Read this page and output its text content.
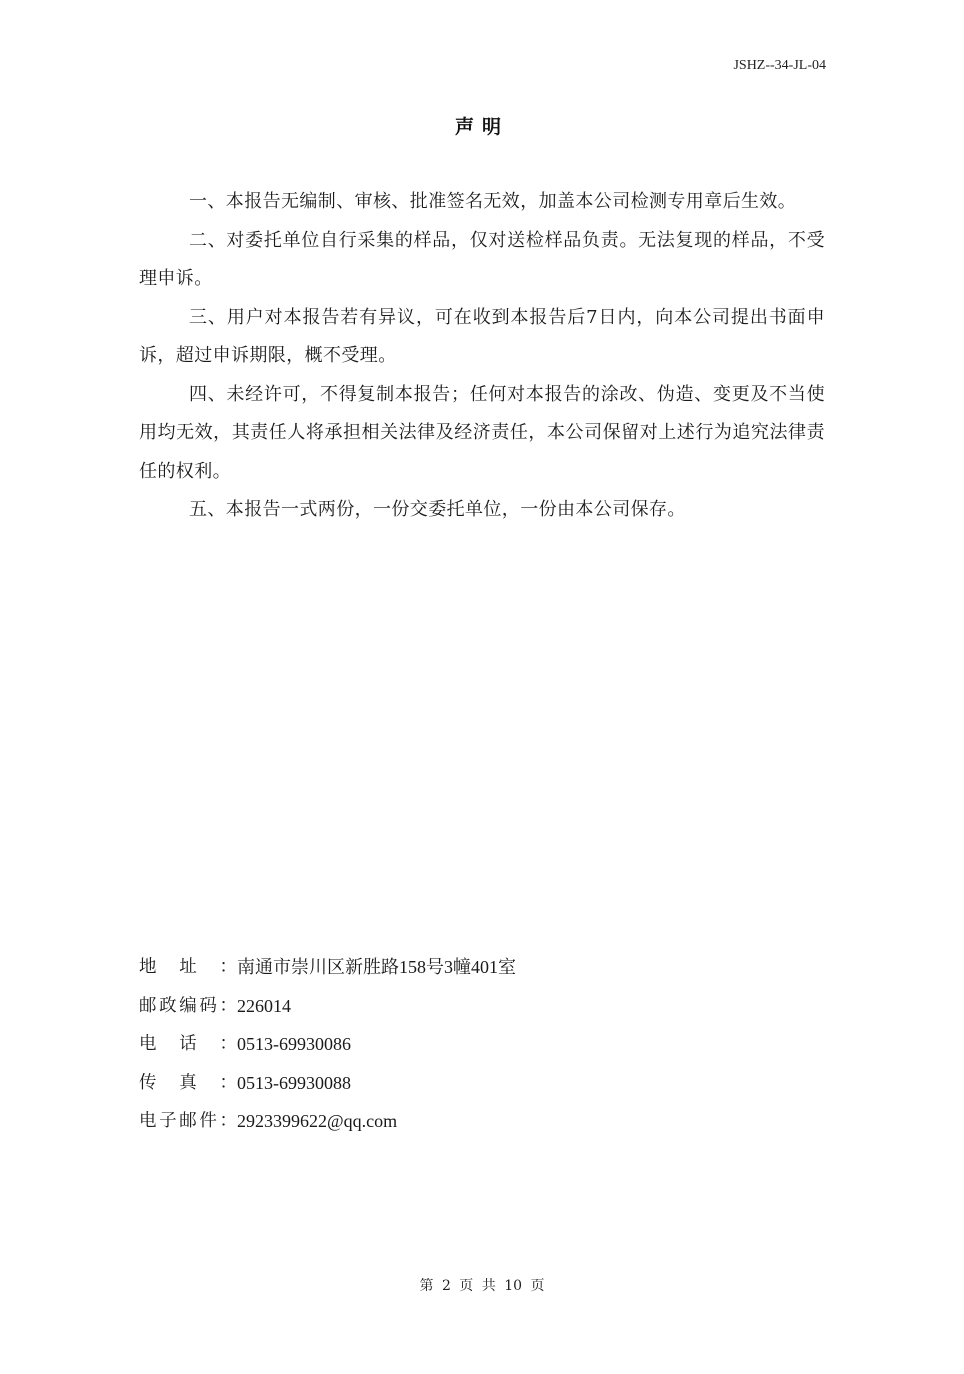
JSHZ--34-JL-04
声明

一、本报告无编制、审核、批准签名无效，加盖本公司检测专用章后生效。

二、对委托单位自行采集的样品，仅对送检样品负责。无法复现的样品，不受理申诉。

三、用户对本报告若有异议，可在收到本报告后7日内，向本公司提出书面申诉，超过申诉期限，概不受理。

四、未经许可，不得复制本报告；任何对本报告的涂改、伪造、变更及不当使用均无效，其责任人将承担相关法律及经济责任，本公司保留对上述行为追究法律责任的权利。

五、本报告一式两份，一份交委托单位，一份由本公司保存。

地址： 南通市崇川区新胜路158号3幢401室
邮政编码： 226014
电话： 0513-69930086
传真： 0513-69930088
电子邮件： 2923399622@qq.com
第 2 页 共 10 页
